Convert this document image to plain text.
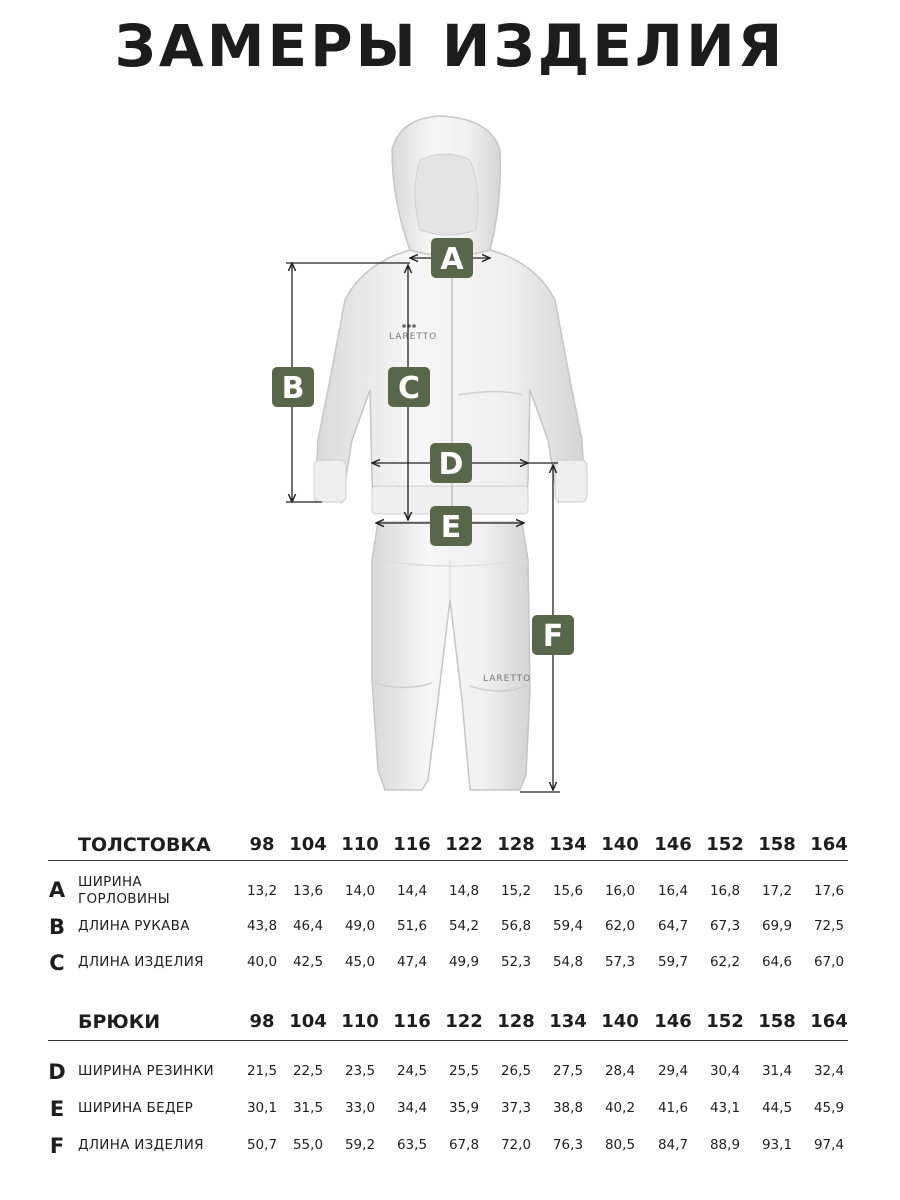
ЗАМЕРЫ ИЗДЕЛИЯ
LARETTO
LARETTO
A
B	C
D
E
F
ТОЛСТОВКА	98 104 110 116 122 128 134 140 146 152 158 164
A ШИРИНА
ГОРЛОВИНЫ	13,2	13,6	14,0	14,4	14,8	15,2	15,6	16,0	16,4	16,8	17,2	17,6
B ДЛИНА РУКАВА	43,8	46,4	49,0	51,6	54,2	56,8	59,4	62,0	64,7	67,3	69,9	72,5
C ДЛИНА ИЗДЕЛИЯ	40,0	42,5	45,0	47,4	49,9	52,3	54,8	57,3	59,7	62,2	64,6	67,0
БРЮКИ	98 104 110 116 122 128 134 140 146 152 158 164
D ШИРИНА РЕЗИНКИ	21,5	22,5	23,5	24,5	25,5	26,5	27,5	28,4	29,4	30,4	31,4	32,4
E ШИРИНА БЕДЕР	30,1	31,5	33,0	34,4	35,9	37,3	38,8	40,2	41,6	43,1	44,5	45,9
F ДЛИНА ИЗДЕЛИЯ	50,7	55,0	59,2	63,5	67,8	72,0	76,3	80,5	84,7	88,9	93,1	97,4
